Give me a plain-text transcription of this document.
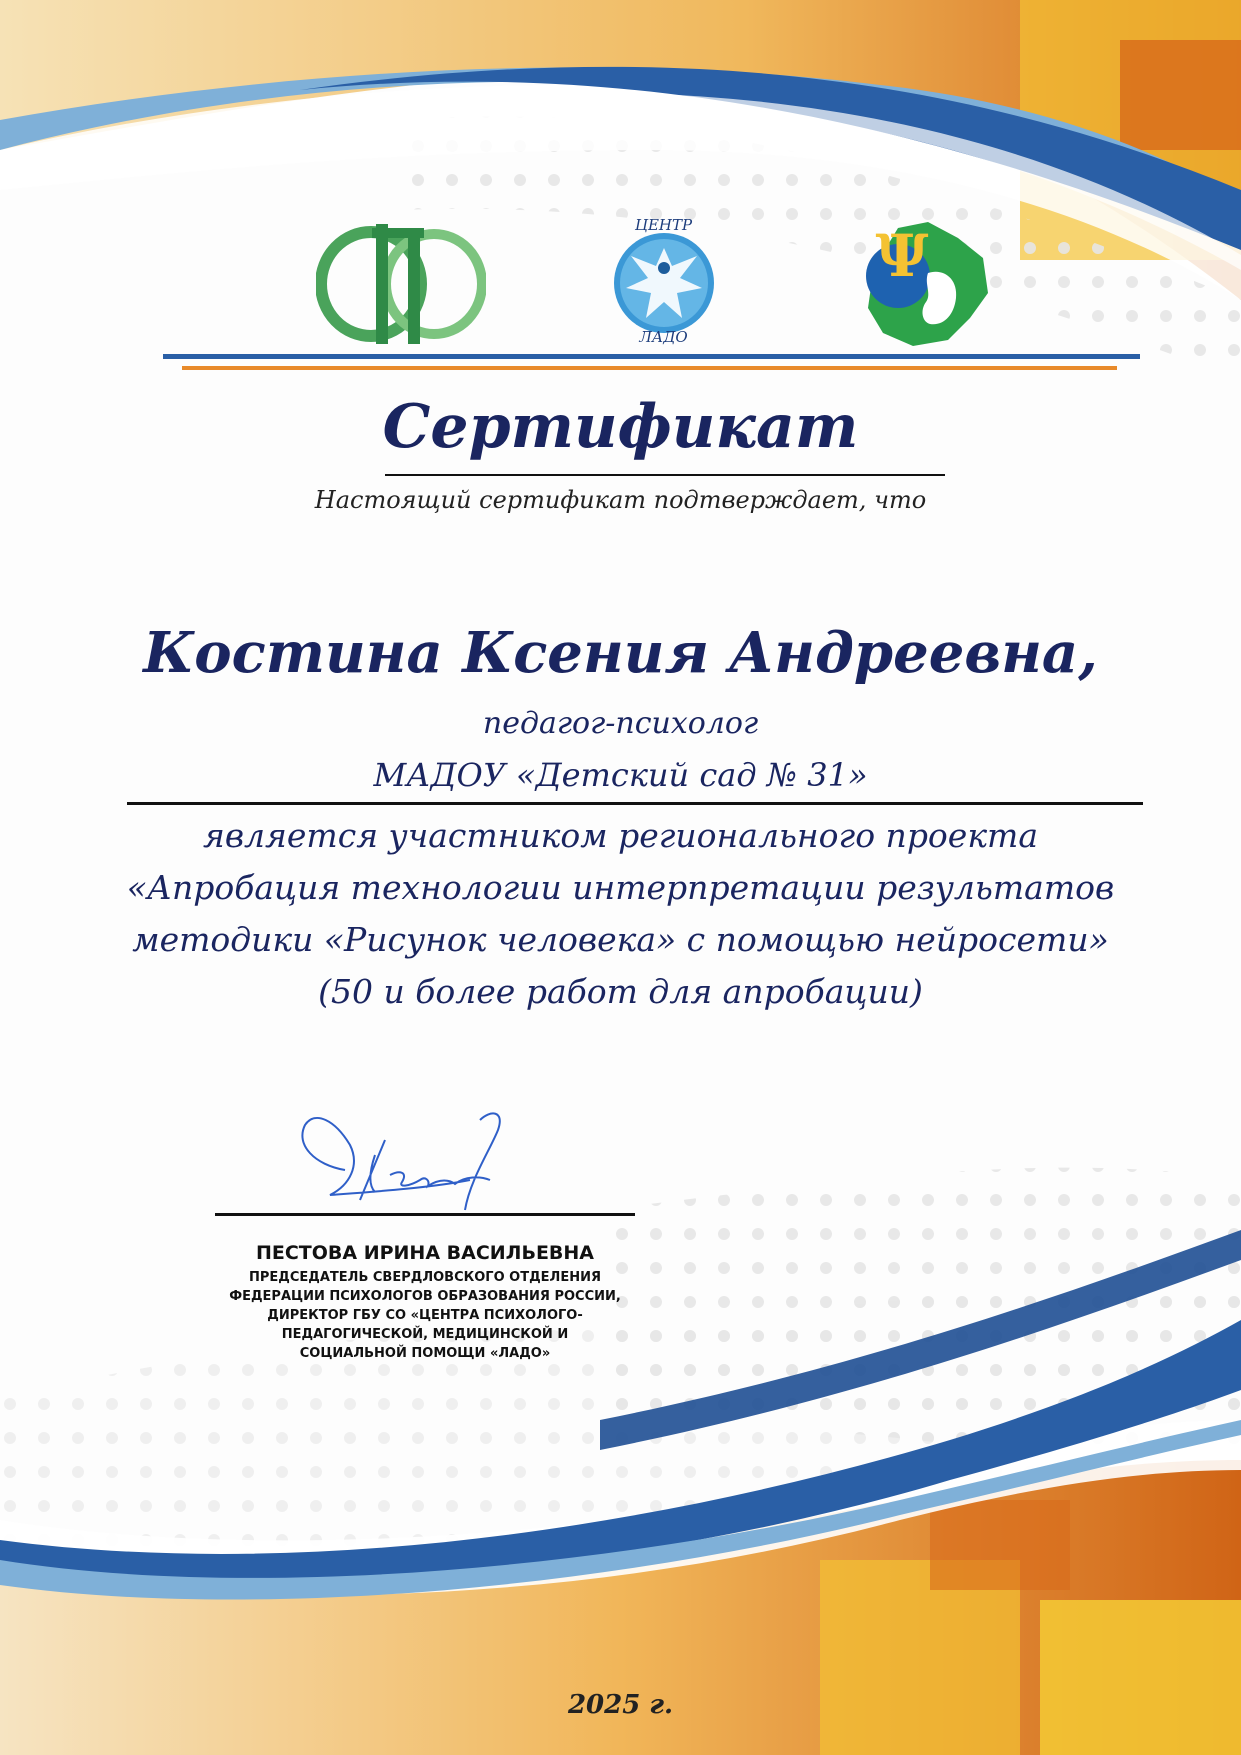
ЦЕНТР
ЛАДО
Ψ
Сертификат
Настоящий сертификат подтверждает, что
Костина Ксения Андреевна,
педагог-психолог
МАДОУ «Детский сад № 31»
является участником регионального проекта
«Апробация технологии интерпретации результатов
методики «Рисунок человека» с помощью нейросети»
(50 и более работ для апробации)
ПЕСТОВА ИРИНА ВАСИЛЬЕВНА
ПРЕДСЕДАТЕЛЬ СВЕРДЛОВСКОГО ОТДЕЛЕНИЯ
ФЕДЕРАЦИИ ПСИХОЛОГОВ ОБРАЗОВАНИЯ РОССИИ,
ДИРЕКТОР ГБУ СО «ЦЕНТРА ПСИХОЛОГО-
ПЕДАГОГИЧЕСКОЙ, МЕДИЦИНСКОЙ И
СОЦИАЛЬНОЙ ПОМОЩИ «ЛАДО»
2025 г.
